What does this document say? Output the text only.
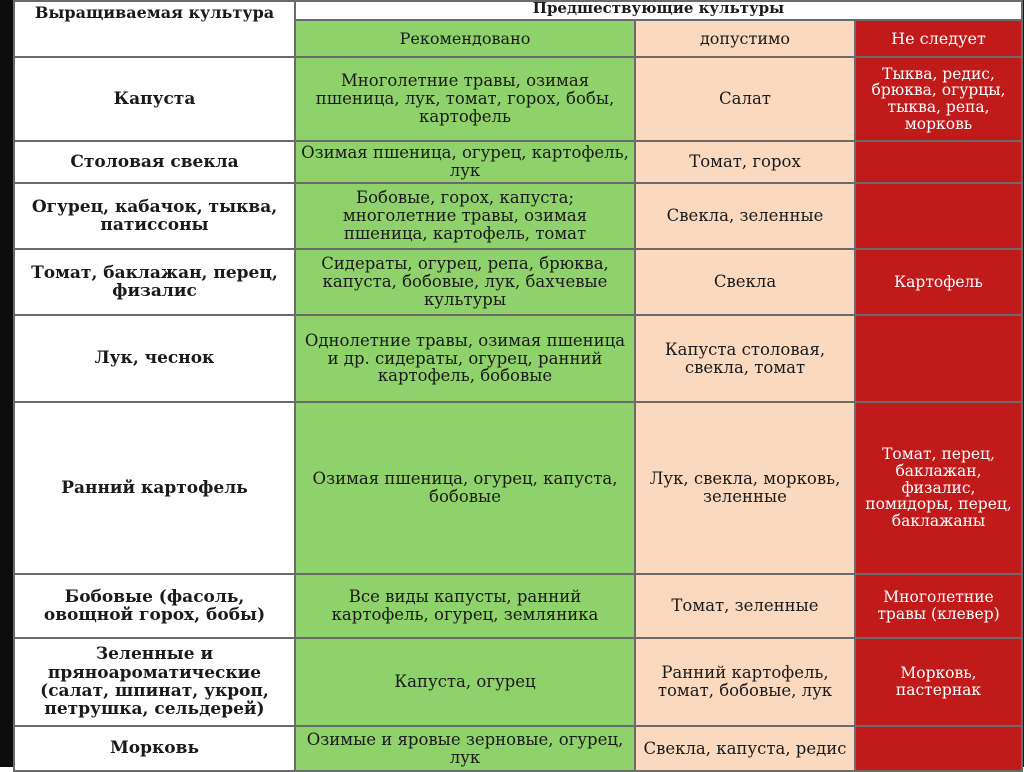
Выращиваемая культура	Предшествующие культуры		
	Рекомендовано	допустимо	Не следует
Капуста	Многолетние травы, озимая пшеница, лук, томат, горох, бобы, картофель	Салат	Тыква, редис, брюква, огурцы, тыква, репа, морковь
Столовая свекла	Озимая пшеница, огурец, картофель, лук	Томат, горох	
Огурец, кабачок, тыква, патиссоны	Бобовые, горох, капуста; многолетние травы, озимая пшеница, картофель, томат	Свекла, зеленные	
Томат, баклажан, перец, физалис	Сидераты, огурец, репа, брюква, капуста, бобовые, лук, бахчевые культуры	Свекла	Картофель
Лук, чеснок	Однолетние травы, озимая пшеница и др. сидераты, огурец, ранний картофель, бобовые	Капуста столовая, свекла, томат	
Ранний картофель	Озимая пшеница, огурец, капуста, бобовые	Лук, свекла, морковь, зеленные	Томат, перец, баклажан, физалис, помидоры, перец, баклажаны
Бобовые (фасоль, овощной горох, бобы)	Все виды капусты, ранний картофель, огурец, земляника	Томат, зеленные	Многолетние травы (клевер)
Зеленные и пряноароматические (салат, шпинат, укроп, петрушка, сельдерей)	Капуста, огурец	Ранний картофель, томат, бобовые, лук	Морковь, пастернак
Морковь	Озимые и яровые зерновые, огурец, лук	Свекла, капуста, редис	
